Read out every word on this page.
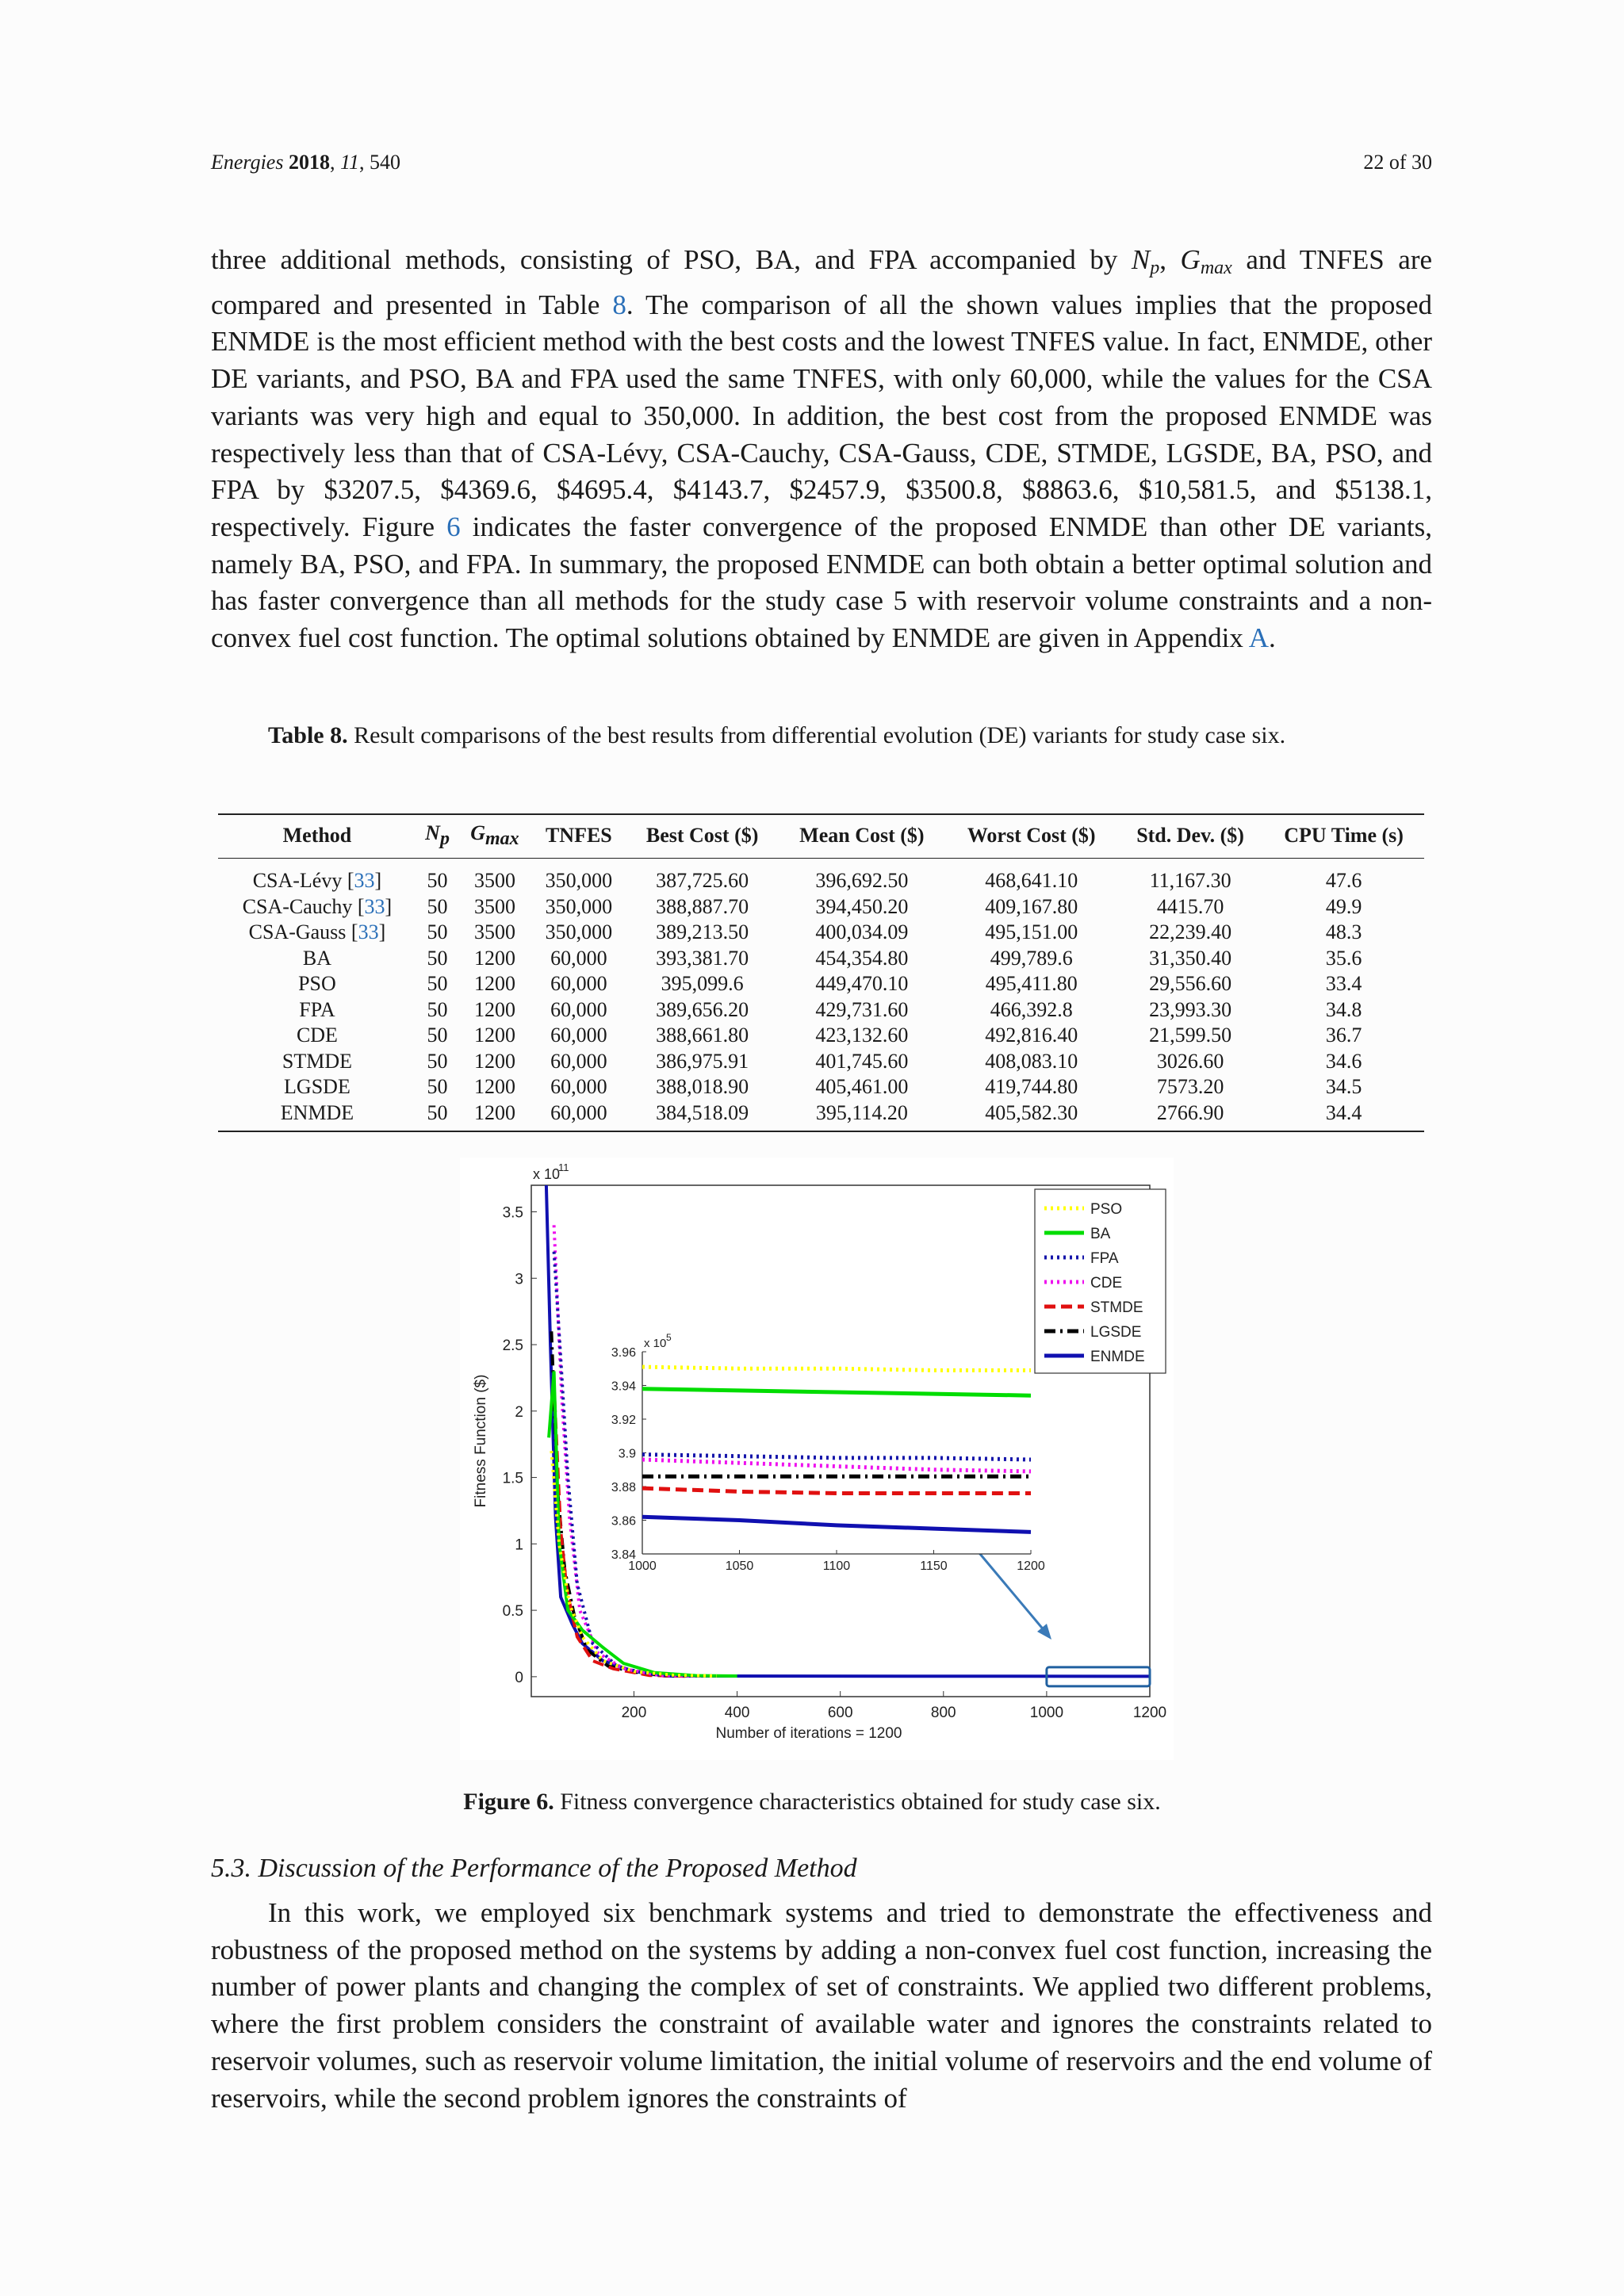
Energies 2018, 11, 540	22 of 30

three additional methods, consisting of PSO, BA, and FPA accompanied by $N_p$, $G_{max}$ and TNFES are compared and presented in Table 8. The comparison of all the shown values implies that the proposed ENMDE is the most efficient method with the best costs and the lowest TNFES value. In fact, ENMDE, other DE variants, and PSO, BA and FPA used the same TNFES, with only 60,000, while the values for the CSA variants was very high and equal to 350,000. In addition, the best cost from the proposed ENMDE was respectively less than that of CSA-Lévy, CSA-Cauchy, CSA-Gauss, CDE, STMDE, LGSDE, BA, PSO, and FPA by $3207.5, $4369.6, $4695.4, $4143.7, $2457.9, $3500.8, $8863.6, $10,581.5, and $5138.1, respectively. Figure 6 indicates the faster convergence of the proposed ENMDE than other DE variants, namely BA, PSO, and FPA. In summary, the proposed ENMDE can both obtain a better optimal solution and has faster convergence than all methods for the study case 5 with reservoir volume constraints and a non-convex fuel cost function. The optimal solutions obtained by ENMDE are given in Appendix A.

Table 8. Result comparisons of the best results from differential evolution (DE) variants for study case six.
Method	Np	Gmax	TNFES	Best Cost ($)	Mean Cost ($)	Worst Cost ($)	Std. Dev. ($)	CPU Time (s)
CSA-Lévy [33]	50	3500	350,000	387,725.60	396,692.50	468,641.10	11,167.30	47.6
CSA-Cauchy [33]	50	3500	350,000	388,887.70	394,450.20	409,167.80	4415.70	49.9
CSA-Gauss [33]	50	3500	350,000	389,213.50	400,034.09	495,151.00	22,239.40	48.3
BA	50	1200	60,000	393,381.70	454,354.80	499,789.6	31,350.40	35.6
PSO	50	1200	60,000	395,099.6	449,470.10	495,411.80	29,556.60	33.4
FPA	50	1200	60,000	389,656.20	429,731.60	466,392.8	23,993.30	34.8
CDE	50	1200	60,000	388,661.80	423,132.60	492,816.40	21,599.50	36.7
STMDE	50	1200	60,000	386,975.91	401,745.60	408,083.10	3026.60	34.6
LGSDE	50	1200	60,000	388,018.90	405,461.00	419,744.80	7573.20	34.5
ENMDE	50	1200	60,000	384,518.09	395,114.20	405,582.30	2766.90	34.4
200	400	600	800	1000	1200
0
0.5
1
1.5
2
2.5
3
3.5
x 10
11
Number of iterations = 1200
Fitness Function ($)
PSO
BA
FPA
CDE
STMDE
LGSDE
ENMDE
1000	1050	1100	1150	1200
3.84
3.86
3.88
3.9
3.92
3.94
3.96
x 10 5
Figure 6. Fitness convergence characteristics obtained for study case six.
5.3. Discussion of the Performance of the Proposed Method

In this work, we employed six benchmark systems and tried to demonstrate the effectiveness and robustness of the proposed method on the systems by adding a non-convex fuel cost function, increasing the number of power plants and changing the complex of set of constraints. We applied two different problems, where the first problem considers the constraint of available water and ignores the constraints related to reservoir volumes, such as reservoir volume limitation, the initial volume of reservoirs and the end volume of reservoirs, while the second problem ignores the constraints of
